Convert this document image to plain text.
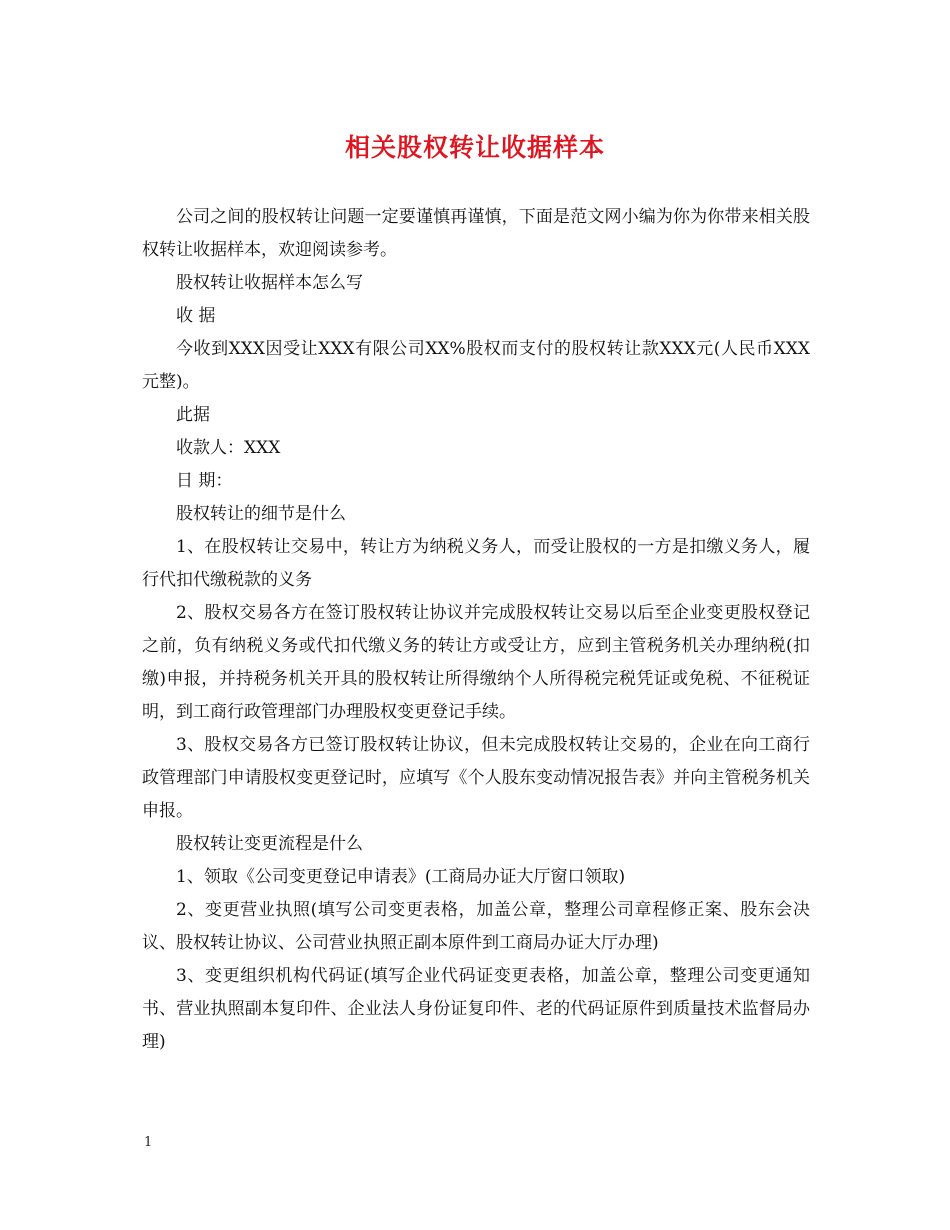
相关股权转让收据样本

公司之间的股权转让问题一定要谨慎再谨慎，下面是范文网小编为你为你带来相关股权转让收据样本，欢迎阅读参考。

股权转让收据样本怎么写

收 据

今收到XXX因受让XXX有限公司XX%股权而支付的股权转让款XXX元(人民币XXX元整)。

此据

收款人：XXX

日 期：

股权转让的细节是什么

1、在股权转让交易中，转让方为纳税义务人，而受让股权的一方是扣缴义务人，履行代扣代缴税款的义务

2、股权交易各方在签订股权转让协议并完成股权转让交易以后至企业变更股权登记之前，负有纳税义务或代扣代缴义务的转让方或受让方，应到主管税务机关办理纳税(扣缴)申报，并持税务机关开具的股权转让所得缴纳个人所得税完税凭证或免税、不征税证明，到工商行政管理部门办理股权变更登记手续。

3、股权交易各方已签订股权转让协议，但未完成股权转让交易的，企业在向工商行政管理部门申请股权变更登记时，应填写《个人股东变动情况报告表》并向主管税务机关申报。

股权转让变更流程是什么

1、领取《公司变更登记申请表》(工商局办证大厅窗口领取)

2、变更营业执照(填写公司变更表格，加盖公章，整理公司章程修正案、股东会决议、股权转让协议、公司营业执照正副本原件到工商局办证大厅办理)

3、变更组织机构代码证(填写企业代码证变更表格，加盖公章，整理公司变更通知书、营业执照副本复印件、企业法人身份证复印件、老的代码证原件到质量技术监督局办理)

1
